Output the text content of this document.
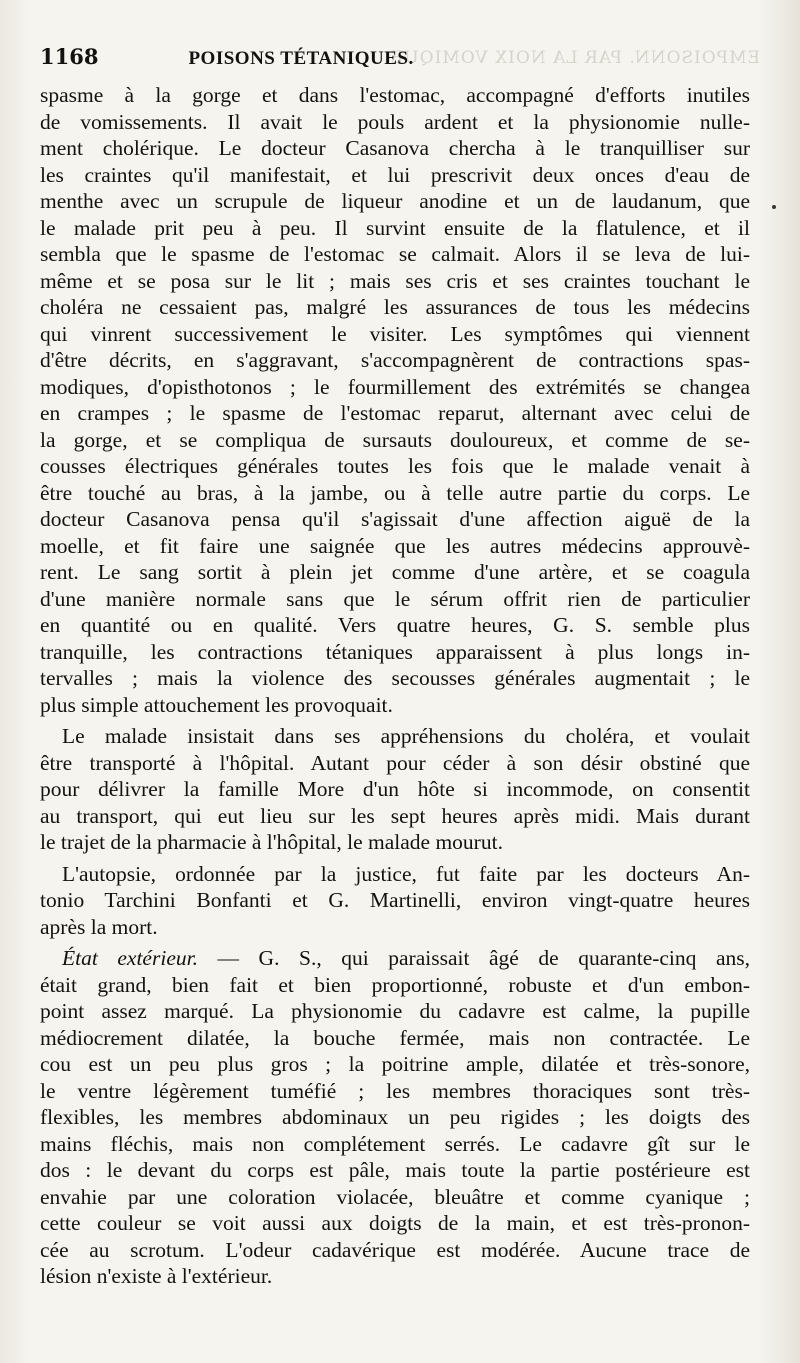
EMPOISONN. PAR LA NOIX VOMIQUE.
1168	POISONS TÉTANIQUES.
spasme à la gorge et dans l'estomac, accompagné d'efforts inutiles
de vomissements. Il avait le pouls ardent et la physionomie nulle-
ment cholérique. Le docteur Casanova chercha à le tranquilliser sur
les craintes qu'il manifestait, et lui prescrivit deux onces d'eau de
menthe avec un scrupule de liqueur anodine et un de laudanum, que
le malade prit peu à peu. Il survint ensuite de la flatulence, et il
sembla que le spasme de l'estomac se calmait. Alors il se leva de lui-
même et se posa sur le lit ; mais ses cris et ses craintes touchant le
choléra ne cessaient pas, malgré les assurances de tous les médecins
qui vinrent successivement le visiter. Les symptômes qui viennent
d'être décrits, en s'aggravant, s'accompagnèrent de contractions spas-
modiques, d'opisthotonos ; le fourmillement des extrémités se changea
en crampes ; le spasme de l'estomac reparut, alternant avec celui de
la gorge, et se compliqua de sursauts douloureux, et comme de se-
cousses électriques générales toutes les fois que le malade venait à
être touché au bras, à la jambe, ou à telle autre partie du corps. Le
docteur Casanova pensa qu'il s'agissait d'une affection aiguë de la
moelle, et fit faire une saignée que les autres médecins approuvè-
rent. Le sang sortit à plein jet comme d'une artère, et se coagula
d'une manière normale sans que le sérum offrit rien de particulier
en quantité ou en qualité. Vers quatre heures, G. S. semble plus
tranquille, les contractions tétaniques apparaissent à plus longs in-
tervalles ; mais la violence des secousses générales augmentait ; le
plus simple attouchement les provoquait.
Le malade insistait dans ses appréhensions du choléra, et voulait
être transporté à l'hôpital. Autant pour céder à son désir obstiné que
pour délivrer la famille More d'un hôte si incommode, on consentit
au transport, qui eut lieu sur les sept heures après midi. Mais durant
le trajet de la pharmacie à l'hôpital, le malade mourut.
L'autopsie, ordonnée par la justice, fut faite par les docteurs An-
tonio Tarchini Bonfanti et G. Martinelli, environ vingt-quatre heures
après la mort.
État extérieur. — G. S., qui paraissait âgé de quarante-cinq ans,
était grand, bien fait et bien proportionné, robuste et d'un embon-
point assez marqué. La physionomie du cadavre est calme, la pupille
médiocrement dilatée, la bouche fermée, mais non contractée. Le
cou est un peu plus gros ; la poitrine ample, dilatée et très-sonore,
le ventre légèrement tuméfié ; les membres thoraciques sont très-
flexibles, les membres abdominaux un peu rigides ; les doigts des
mains fléchis, mais non complétement serrés. Le cadavre gît sur le
dos : le devant du corps est pâle, mais toute la partie postérieure est
envahie par une coloration violacée, bleuâtre et comme cyanique ;
cette couleur se voit aussi aux doigts de la main, et est très-pronon-
cée au scrotum. L'odeur cadavérique est modérée. Aucune trace de
lésion n'existe à l'extérieur.
